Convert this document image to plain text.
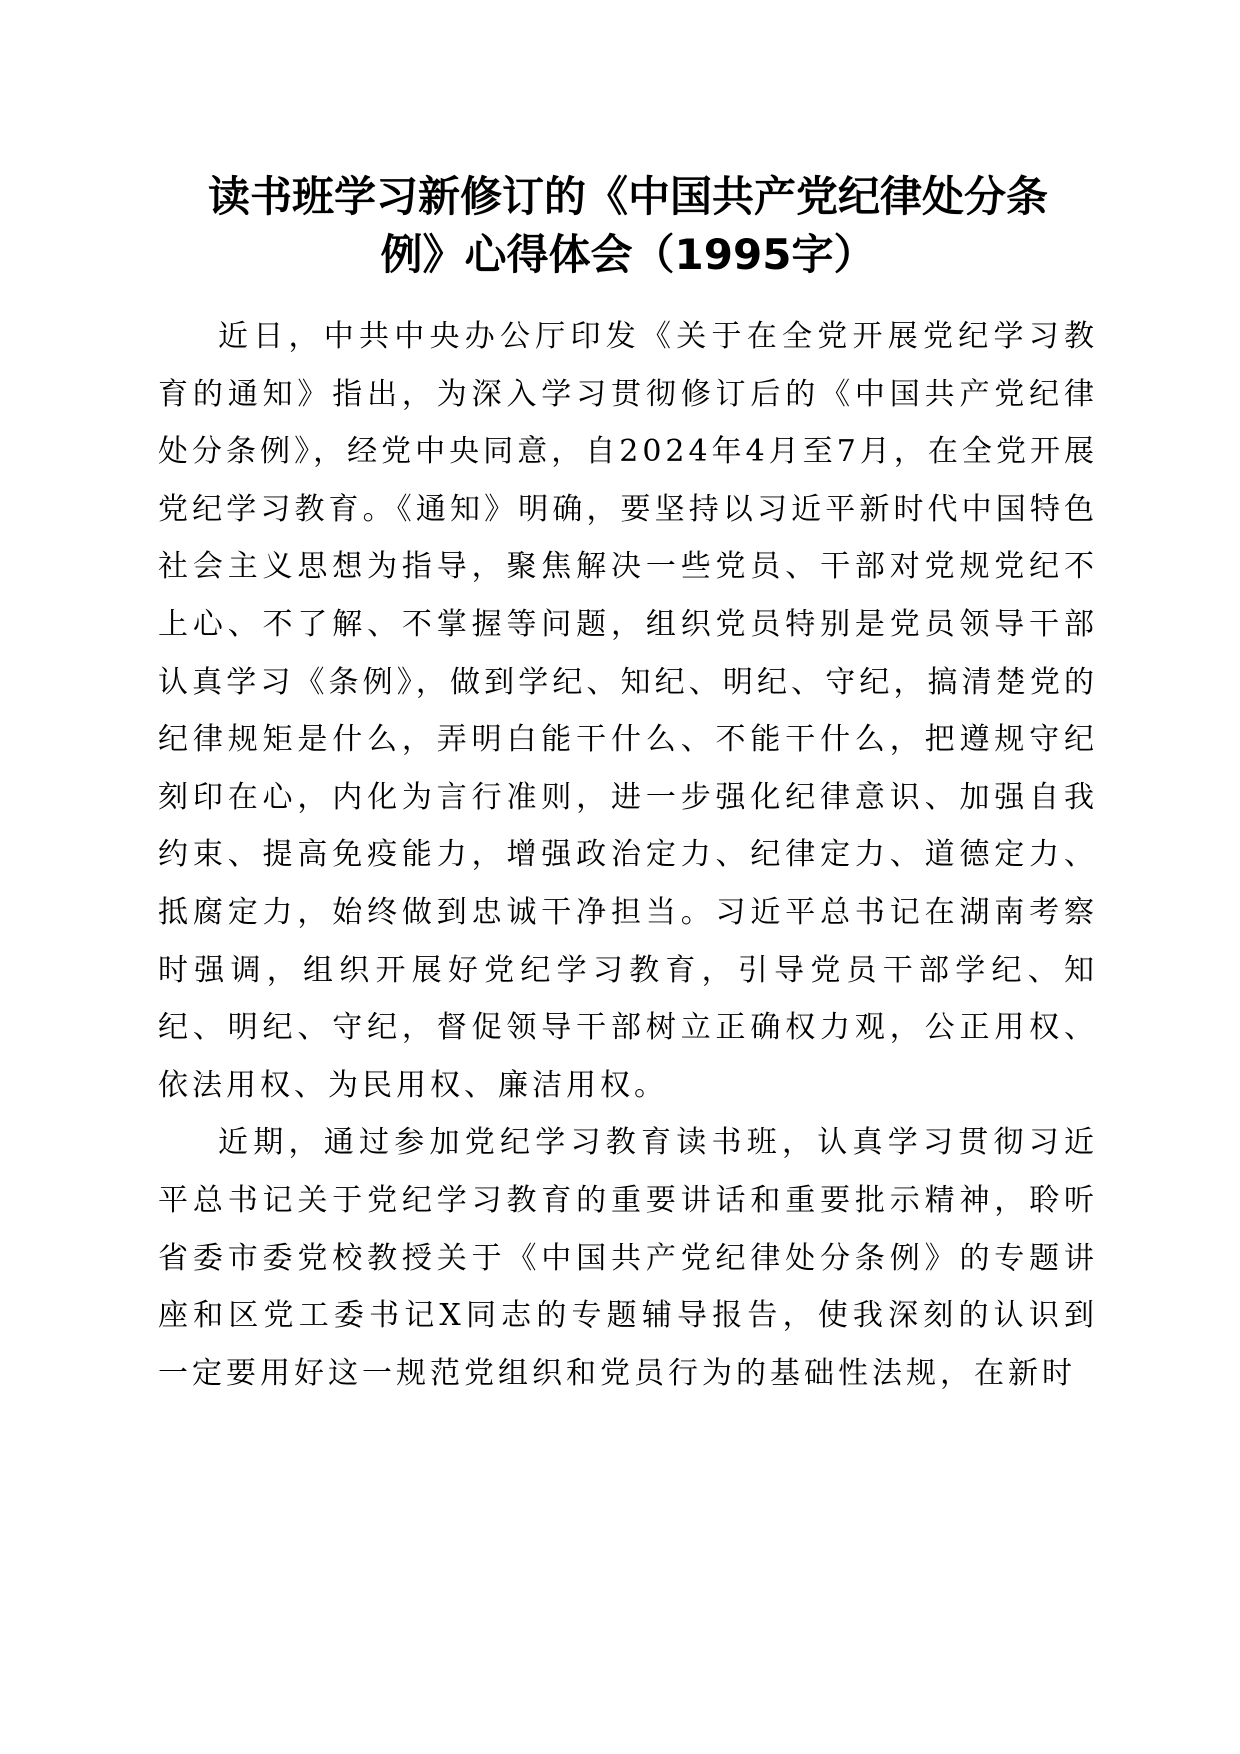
读书班学习新修订的《中国共产党纪律处分条
例》心得体会（1995字）

近日，中共中央办公厅印发《关于在全党开展党纪学习教育的通知》指出，为深入学习贯彻修订后的《中国共产党纪律处分条例》，经党中央同意，自2024年4月至7月，在全党开展党纪学习教育。《通知》明确，要坚持以习近平新时代中国特色社会主义思想为指导，聚焦解决一些党员、干部对党规党纪不上心、不了解、不掌握等问题，组织党员特别是党员领导干部认真学习《条例》，做到学纪、知纪、明纪、守纪，搞清楚党的纪律规矩是什么，弄明白能干什么、不能干什么，把遵规守纪刻印在心，内化为言行准则，进一步强化纪律意识、加强自我约束、提高免疫能力，增强政治定力、纪律定力、道德定力、抵腐定力，始终做到忠诚干净担当。习近平总书记在湖南考察时强调，组织开展好党纪学习教育，引导党员干部学纪、知纪、明纪、守纪，督促领导干部树立正确权力观，公正用权、依法用权、为民用权、廉洁用权。

近期，通过参加党纪学习教育读书班，认真学习贯彻习近平总书记关于党纪学习教育的重要讲话和重要批示精神，聆听省委市委党校教授关于《中国共产党纪律处分条例》的专题讲座和区党工委书记X同志的专题辅导报告，使我深刻的认识到一定要用好这一规范党组织和党员行为的基础性法规，在新时
